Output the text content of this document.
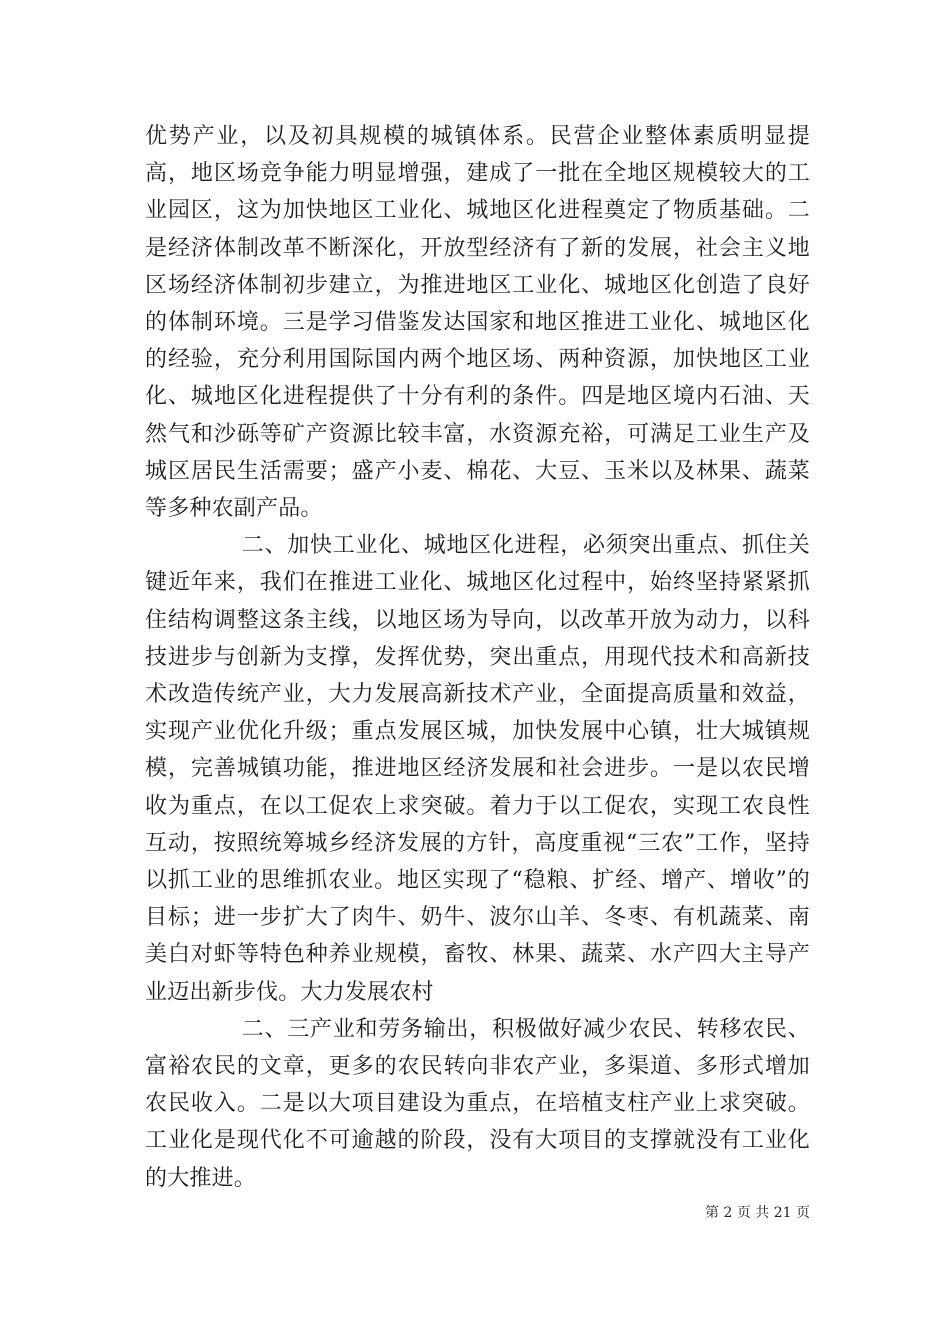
优势产业，以及初具规模的城镇体系。民营企业整体素质明显提高，地区场竞争能力明显增强，建成了一批在全地区规模较大的工业园区，这为加快地区工业化、城地区化进程奠定了物质基础。二是经济体制改革不断深化，开放型经济有了新的发展，社会主义地区场经济体制初步建立，为推进地区工业化、城地区化创造了良好的体制环境。三是学习借鉴发达国家和地区推进工业化、城地区化的经验，充分利用国际国内两个地区场、两种资源，加快地区工业化、城地区化进程提供了十分有利的条件。四是地区境内石油、天然气和沙砾等矿产资源比较丰富，水资源充裕，可满足工业生产及城区居民生活需要；盛产小麦、棉花、大豆、玉米以及林果、蔬菜等多种农副产品。

二、加快工业化、城地区化进程，必须突出重点、抓住关键近年来，我们在推进工业化、城地区化过程中，始终坚持紧紧抓住结构调整这条主线，以地区场为导向，以改革开放为动力，以科技进步与创新为支撑，发挥优势，突出重点，用现代技术和高新技术改造传统产业，大力发展高新技术产业，全面提高质量和效益，实现产业优化升级；重点发展区城，加快发展中心镇，壮大城镇规模，完善城镇功能，推进地区经济发展和社会进步。一是以农民增收为重点，在以工促农上求突破。着力于以工促农，实现工农良性互动，按照统筹城乡经济发展的方针，高度重视“三农”工作，坚持以抓工业的思维抓农业。地区实现了“稳粮、扩经、增产、增收”的目标；进一步扩大了肉牛、奶牛、波尔山羊、冬枣、有机蔬菜、南美白对虾等特色种养业规模，畜牧、林果、蔬菜、水产四大主导产业迈出新步伐。大力发展农村

二、三产业和劳务输出，积极做好减少农民、转移农民、富裕农民的文章，更多的农民转向非农产业，多渠道、多形式增加农民收入。二是以大项目建设为重点，在培植支柱产业上求突破。工业化是现代化不可逾越的阶段，没有大项目的支撑就没有工业化的大推进。

第 2 页 共 21 页
